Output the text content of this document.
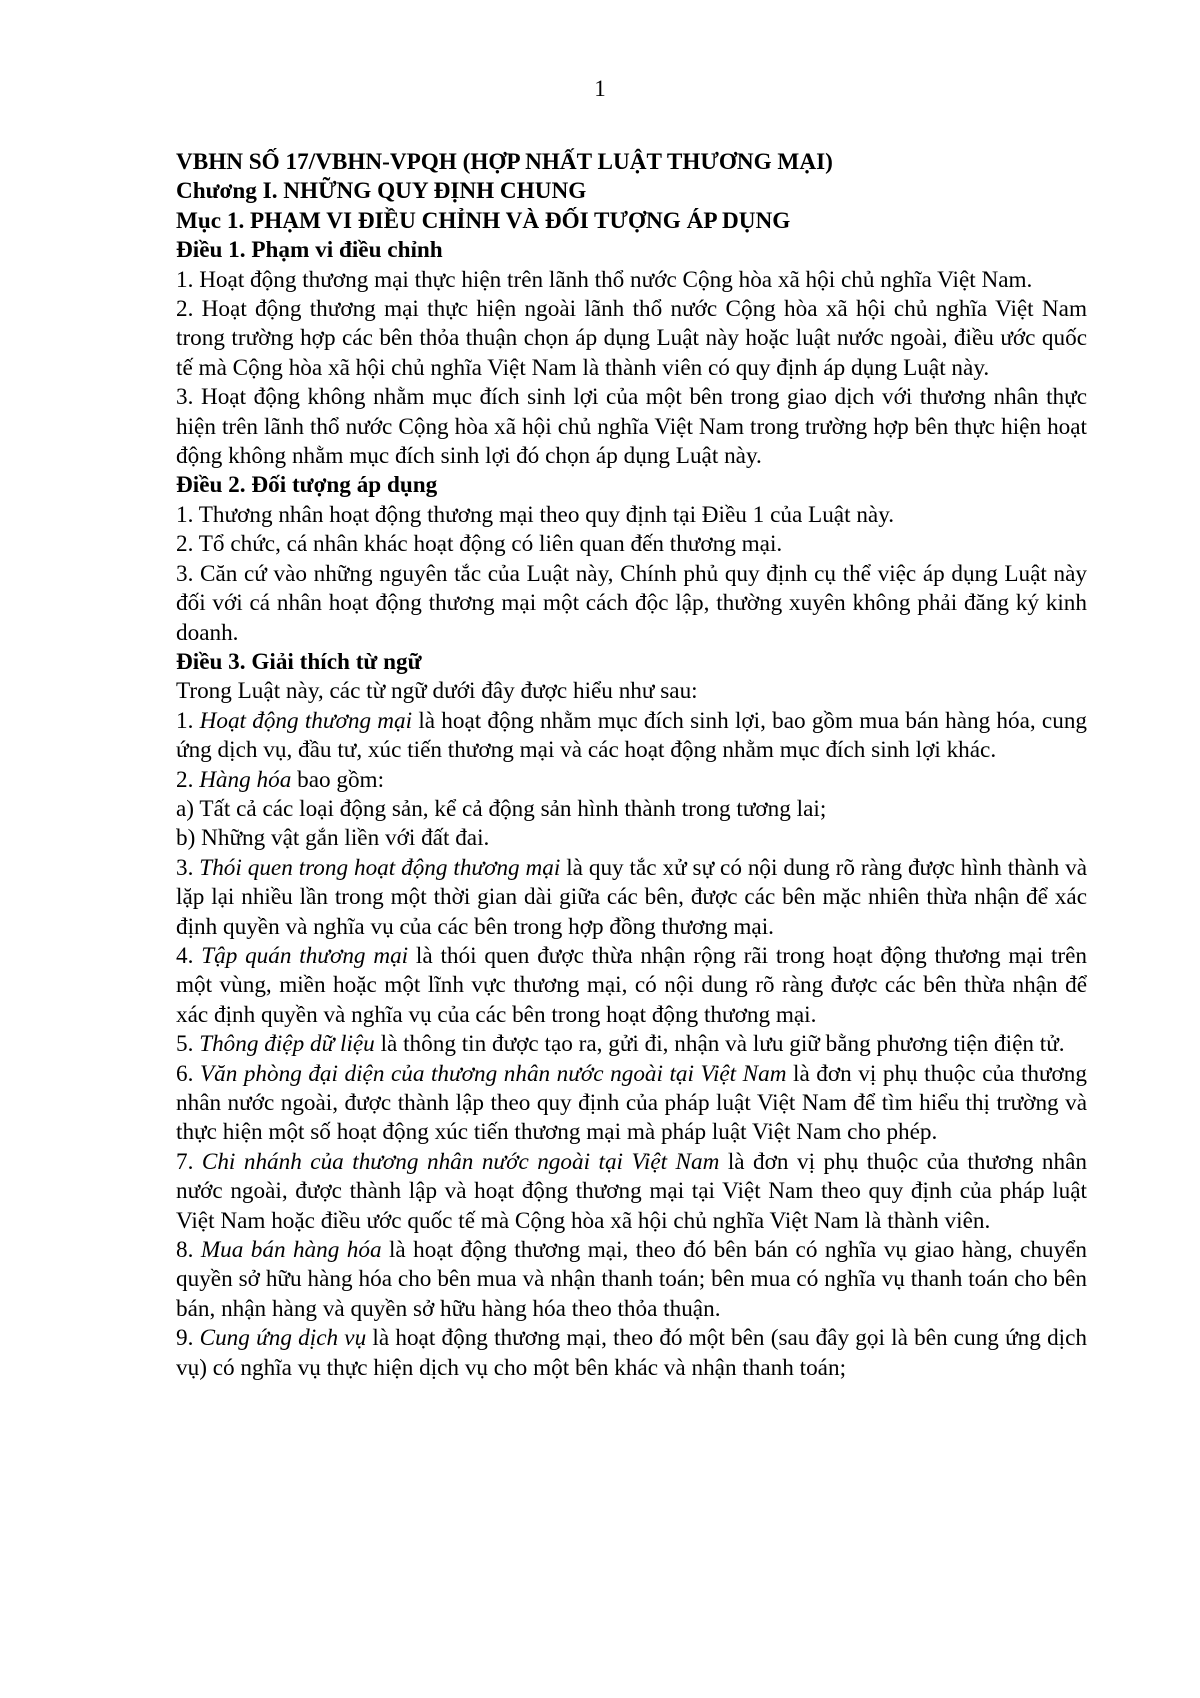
1

VBHN SỐ 17/VBHN-VPQH (HỢP NHẤT LUẬT THƯƠNG MẠI)

Chương I. NHỮNG QUY ĐỊNH CHUNG

Mục 1. PHẠM VI ĐIỀU CHỈNH VÀ ĐỐI TƯỢNG ÁP DỤNG

Điều 1. Phạm vi điều chỉnh

1. Hoạt động thương mại thực hiện trên lãnh thổ nước Cộng hòa xã hội chủ nghĩa Việt Nam.

2. Hoạt động thương mại thực hiện ngoài lãnh thổ nước Cộng hòa xã hội chủ nghĩa Việt Nam trong trường hợp các bên thỏa thuận chọn áp dụng Luật này hoặc luật nước ngoài, điều ước quốc tế mà Cộng hòa xã hội chủ nghĩa Việt Nam là thành viên có quy định áp dụng Luật này.

3. Hoạt động không nhằm mục đích sinh lợi của một bên trong giao dịch với thương nhân thực hiện trên lãnh thổ nước Cộng hòa xã hội chủ nghĩa Việt Nam trong trường hợp bên thực hiện hoạt động không nhằm mục đích sinh lợi đó chọn áp dụng Luật này.

Điều 2. Đối tượng áp dụng

1. Thương nhân hoạt động thương mại theo quy định tại Điều 1 của Luật này.

2. Tổ chức, cá nhân khác hoạt động có liên quan đến thương mại.

3. Căn cứ vào những nguyên tắc của Luật này, Chính phủ quy định cụ thể việc áp dụng Luật này đối với cá nhân hoạt động thương mại một cách độc lập, thường xuyên không phải đăng ký kinh doanh.

Điều 3. Giải thích từ ngữ

Trong Luật này, các từ ngữ dưới đây được hiểu như sau:

1. Hoạt động thương mại là hoạt động nhằm mục đích sinh lợi, bao gồm mua bán hàng hóa, cung ứng dịch vụ, đầu tư, xúc tiến thương mại và các hoạt động nhằm mục đích sinh lợi khác.

2. Hàng hóa bao gồm:

a) Tất cả các loại động sản, kể cả động sản hình thành trong tương lai;

b) Những vật gắn liền với đất đai.

3. Thói quen trong hoạt động thương mại là quy tắc xử sự có nội dung rõ ràng được hình thành và lặp lại nhiều lần trong một thời gian dài giữa các bên, được các bên mặc nhiên thừa nhận để xác định quyền và nghĩa vụ của các bên trong hợp đồng thương mại.

4. Tập quán thương mại là thói quen được thừa nhận rộng rãi trong hoạt động thương mại trên một vùng, miền hoặc một lĩnh vực thương mại, có nội dung rõ ràng được các bên thừa nhận để xác định quyền và nghĩa vụ của các bên trong hoạt động thương mại.

5. Thông điệp dữ liệu là thông tin được tạo ra, gửi đi, nhận và lưu giữ bằng phương tiện điện tử.

6. Văn phòng đại diện của thương nhân nước ngoài tại Việt Nam là đơn vị phụ thuộc của thương nhân nước ngoài, được thành lập theo quy định của pháp luật Việt Nam để tìm hiểu thị trường và thực hiện một số hoạt động xúc tiến thương mại mà pháp luật Việt Nam cho phép.

7. Chi nhánh của thương nhân nước ngoài tại Việt Nam là đơn vị phụ thuộc của thương nhân nước ngoài, được thành lập và hoạt động thương mại tại Việt Nam theo quy định của pháp luật Việt Nam hoặc điều ước quốc tế mà Cộng hòa xã hội chủ nghĩa Việt Nam là thành viên.

8. Mua bán hàng hóa là hoạt động thương mại, theo đó bên bán có nghĩa vụ giao hàng, chuyển quyền sở hữu hàng hóa cho bên mua và nhận thanh toán; bên mua có nghĩa vụ thanh toán cho bên bán, nhận hàng và quyền sở hữu hàng hóa theo thỏa thuận.

9. Cung ứng dịch vụ là hoạt động thương mại, theo đó một bên (sau đây gọi là bên cung ứng dịch vụ) có nghĩa vụ thực hiện dịch vụ cho một bên khác và nhận thanh toán;
